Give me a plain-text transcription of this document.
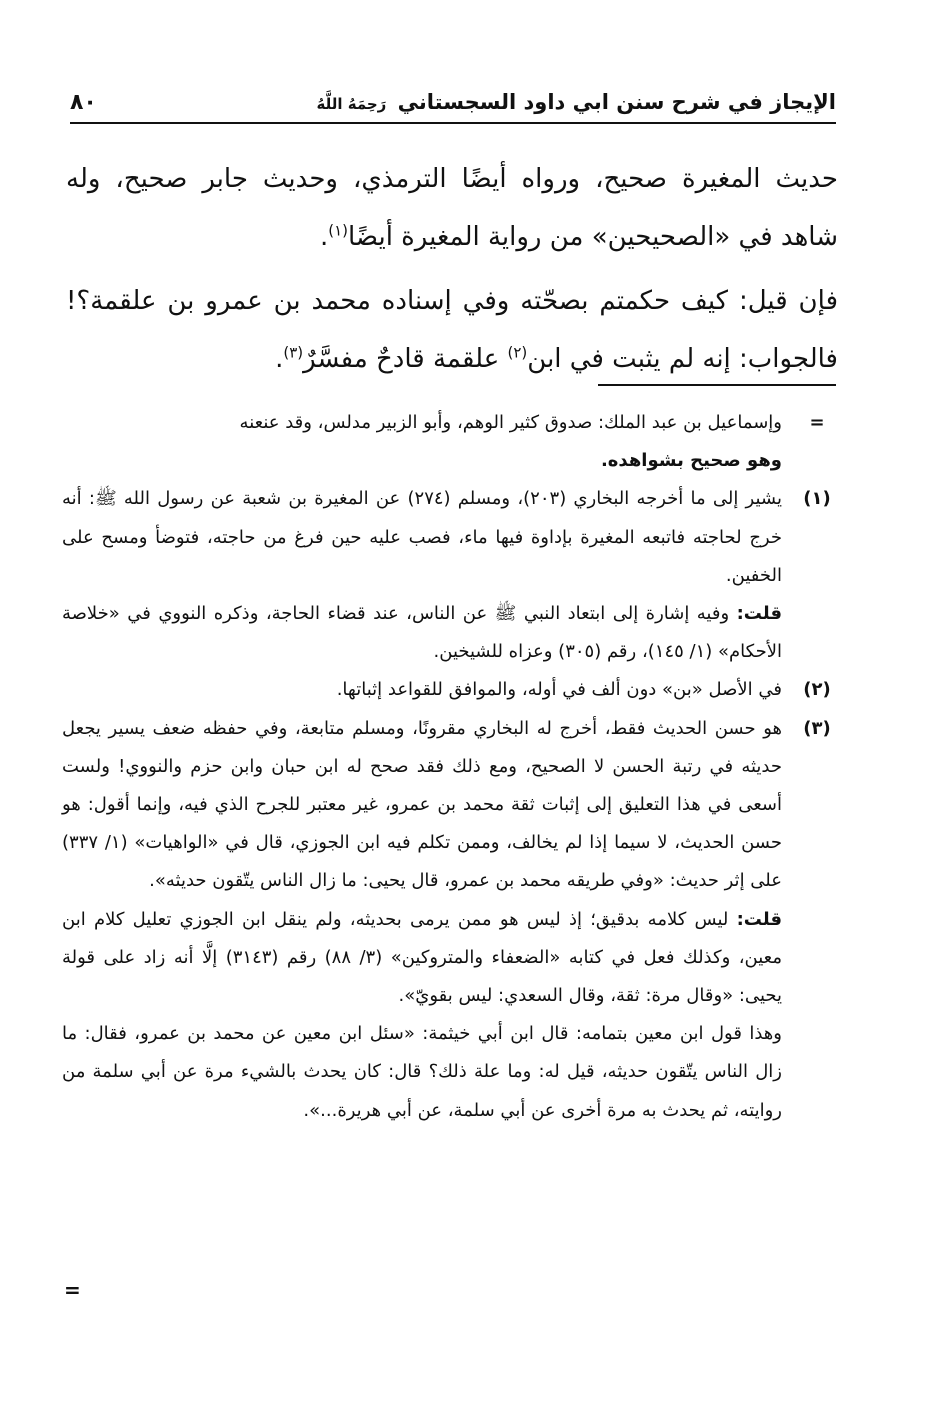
٨٠	الإيجاز في شرح سنن ابي داود السجستاني رَحِمَهُ اللَّهُ

حديث المغيرة صحيح، ورواه أيضًا الترمذي، وحديث جابر صحيح، وله شاهد في «الصحيحين» من رواية المغيرة أيضًا$^{(١)}$.

فإن قيل: كيف حكمتم بصحّته وفي إسناده محمد بن عمرو بن علقمة؟! فالجواب: إنه لم يثبت في ابن$^{(٢)}$ علقمة قادحٌ مفسَّرٌ$^{(٣)}$.

=
وإسماعيل بن عبد الملك: صدوق كثير الوهم، وأبو الزبير مدلس، وقد عنعنه
وهو صحيح بشواهده.
(١)
يشير إلى ما أخرجه البخاري (٢٠٣)، ومسلم (٢٧٤) عن المغيرة بن شعبة عن رسول الله ﷺ: أنه خرج لحاجته فاتبعه المغيرة بإداوة فيها ماء، فصب عليه حين فرغ من حاجته، فتوضأ ومسح على الخفين.
قلت: وفيه إشارة إلى ابتعاد النبي ﷺ عن الناس، عند قضاء الحاجة، وذكره النووي في «خلاصة الأحكام» (١/ ١٤٥)، رقم (٣٠٥) وعزاه للشيخين.
(٢)
في الأصل «بن» دون ألف في أوله، والموافق للقواعد إثباتها.
(٣)
هو حسن الحديث فقط، أخرج له البخاري مقرونًا، ومسلم متابعة، وفي حفظه ضعف يسير يجعل حديثه في رتبة الحسن لا الصحيح، ومع ذلك فقد صحح له ابن حبان وابن حزم والنووي! ولست أسعى في هذا التعليق إلى إثبات ثقة محمد بن عمرو، غير معتبر للجرح الذي فيه، وإنما أقول: هو حسن الحديث، لا سيما إذا لم يخالف، وممن تكلم فيه ابن الجوزي، قال في «الواهيات» (١/ ٣٣٧) على إثر حديث: «وفي طريقه محمد بن عمرو، قال يحيى: ما زال الناس يتّقون حديثه».
قلت: ليس كلامه بدقيق؛ إذ ليس هو ممن يرمى بحديثه، ولم ينقل ابن الجوزي تعليل كلام ابن معين، وكذلك فعل في كتابه «الضعفاء والمتروكين» (٣/ ٨٨) رقم (٣١٤٣) إلَّا أنه زاد على قولة يحيى: «وقال مرة: ثقة، وقال السعدي: ليس بقويّ».
وهذا قول ابن معين بتمامه: قال ابن أبي خيثمة: «سئل ابن معين عن محمد بن عمرو، فقال: ما زال الناس يتّقون حديثه، قيل له: وما علة ذلك؟ قال: كان يحدث بالشيء مرة عن أبي سلمة من روايته، ثم يحدث به مرة أخرى عن أبي سلمة، عن أبي هريرة...».
=
